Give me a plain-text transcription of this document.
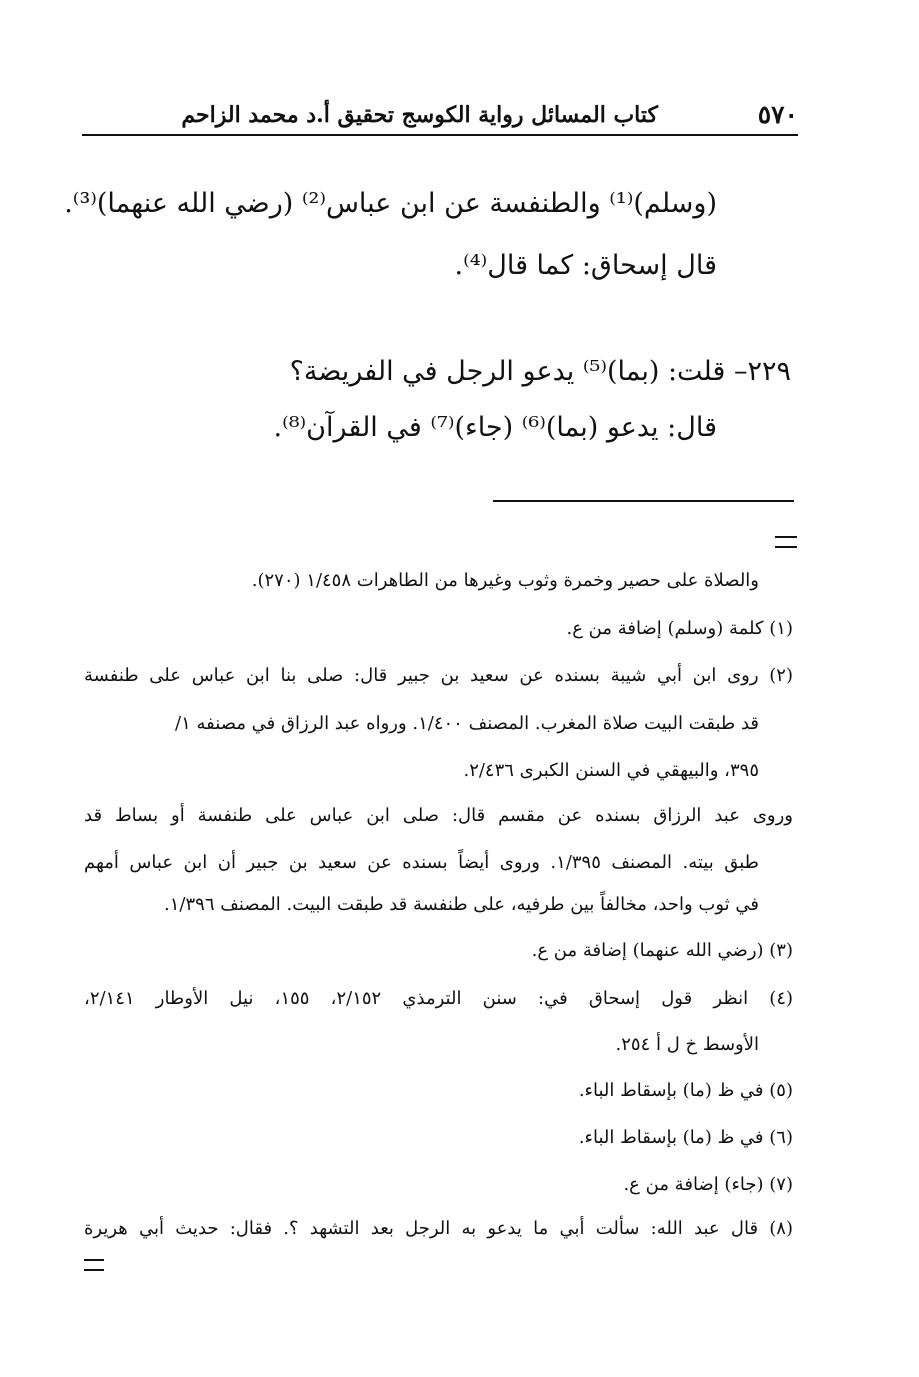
٥٧٠
كتاب المسائل رواية الكوسج تحقيق أ.د محمد الزاحم
(وسلم)⁽¹⁾ والطنفسة عن ابن عباس⁽²⁾ (رضي الله عنهما)⁽³⁾.
قال إسحاق: كما قال⁽⁴⁾.
٢٢٩– قلت: (بما)⁽⁵⁾ يدعو الرجل في الفريضة؟
قال: يدعو (بما)⁽⁶⁾ (جاء)⁽⁷⁾ في القرآن⁽⁸⁾.
والصلاة على حصير وخمرة وثوب وغيرها من الطاهرات ١/٤٥٨ (٢٧٠).
(١) كلمة (وسلم) إضافة من ع.
(٢) روى ابن أبي شيبة بسنده عن سعيد بن جبير قال: صلى بنا ابن عباس على طنفسة
قد طبقت البيت صلاة المغرب. المصنف ١/٤٠٠. ورواه عبد الرزاق في مصنفه ١/
٣٩٥، والبيهقي في السنن الكبرى ٢/٤٣٦.
وروى عبد الرزاق بسنده عن مقسم قال: صلى ابن عباس على طنفسة أو بساط قد
طبق بيته. المصنف ١/٣٩٥. وروى أيضاً بسنده عن سعيد بن جبير أن ابن عباس أمهم
في ثوب واحد، مخالفاً بين طرفيه، على طنفسة قد طبقت البيت. المصنف ١/٣٩٦.
(٣) (رضي الله عنهما) إضافة من ع.
(٤) انظر قول إسحاق في: سنن الترمذي ٢/١٥٢، ١٥٥، نيل الأوطار ٢/١٤١،
الأوسط خ ل أ ٢٥٤.
(٥) في ظ (ما) بإسقاط الباء.
(٦) في ظ (ما) بإسقاط الباء.
(٧) (جاء) إضافة من ع.
(٨) قال عبد الله: سألت أبي ما يدعو به الرجل بعد التشهد ؟. فقال: حديث أبي هريرة
